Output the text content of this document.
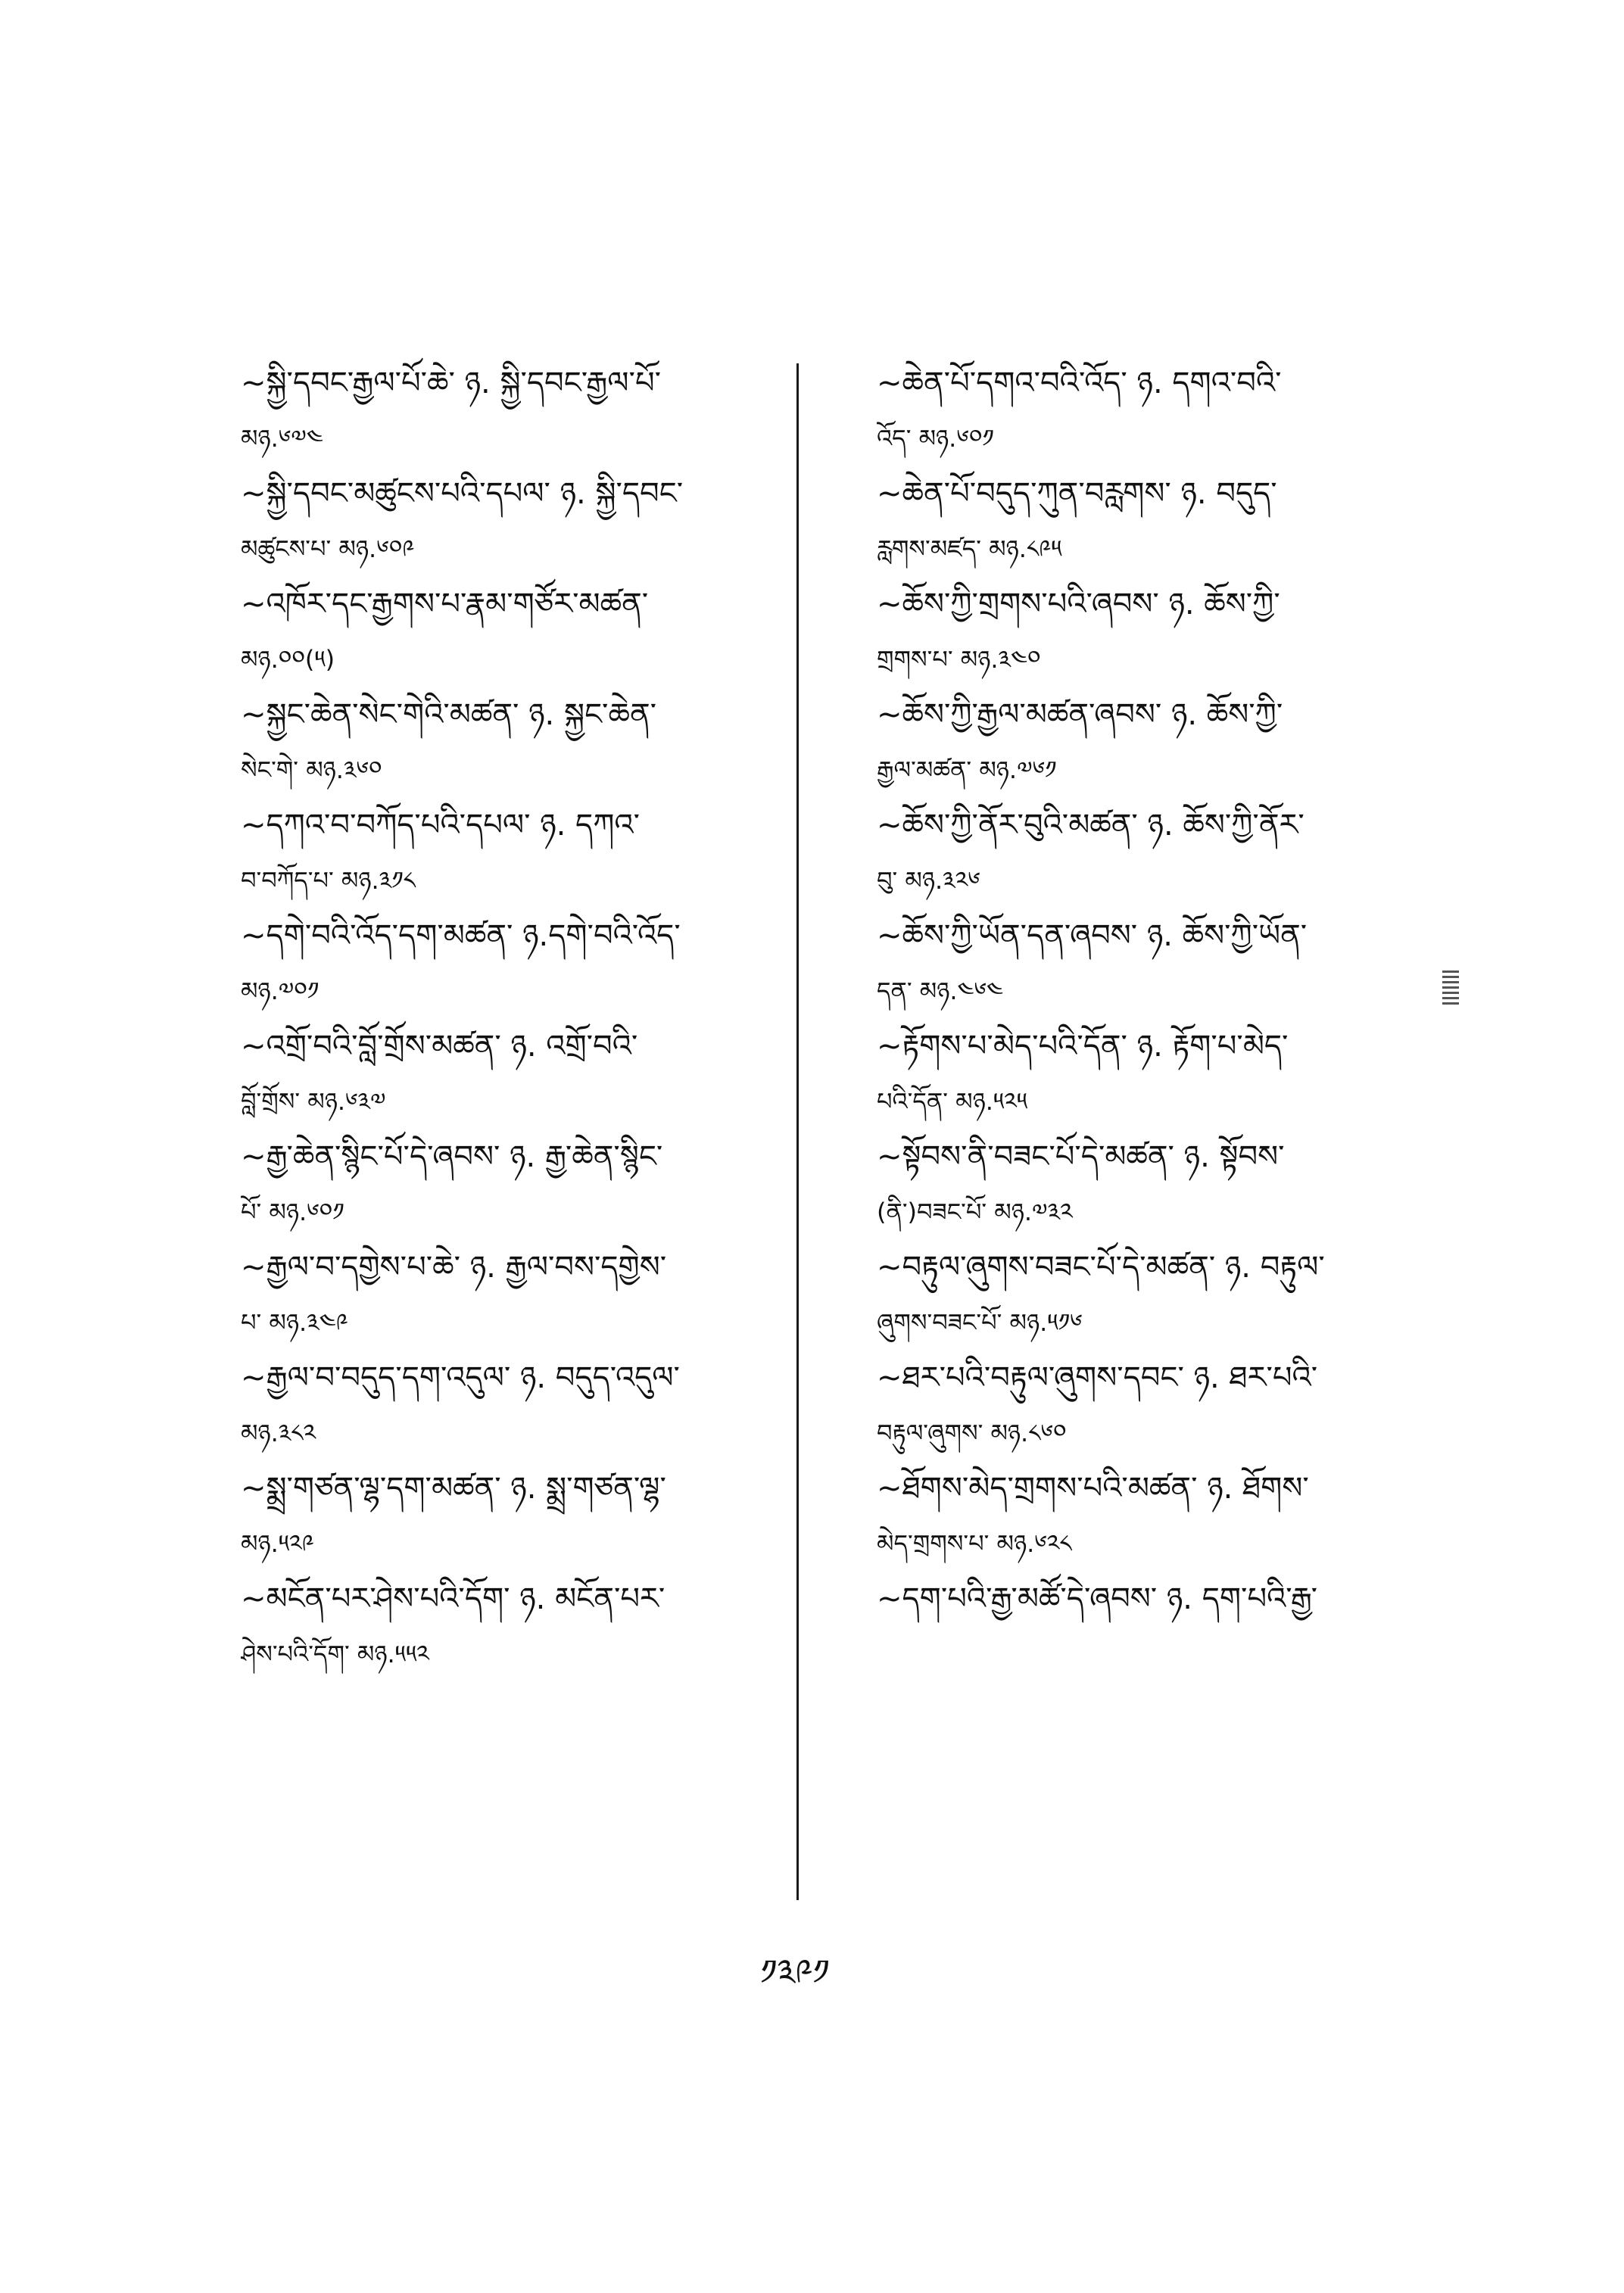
~སྐྱི་དབང་རྒྱལ་པོ་ཆེ་ ཉ. སྐྱི་དབང་རྒྱལ་པོ་
མཉ.༦༧༤
~སྐྱི་དབང་མཚུངས་པའི་དཔལ་ ཉ. སྐྱི་དབང་
མཚུངས་པ་ མཉ.༦༠༩
~འཁོར་དང་རྒྱགས་པ་རྣམ་གཙོར་མཚན་
མཉ.༠༠(༥)
~སྐྱང་ཆེན་སེང་གེའི་མཚན་ ཉ. སྐྱང་ཆེན་
སེང་གེ་ མཉ.༣༦༠
~དཀའ་བ་བཀོད་པའི་དཔལ་ ཉ. དཀའ་
བ་བཀོད་པ་ མཉ.༣༡༨
~དགེ་བའི་འོད་དག་མཚན་ ཉ.དགེ་བའི་འོད་
མཉ.༧༠༡
~འགྲོ་བའི་བློ་གྲོས་མཚན་ ཉ. འགྲོ་བའི་
བློ་གྲོས་ མཉ.༦༣༧
~རྒྱ་ཆེན་སྙིང་པོ་དེ་ཞབས་ ཉ. རྒྱ་ཆེན་སྙིང་
པོ་ མཉ.༦༠༡
~རྒྱལ་བ་དགྱེས་པ་ཆེ་ ཉ. རྒྱལ་བས་དགྱེས་
པ་ མཉ.༣༤༩
~རྒྱལ་བ་བདུད་དག་འདུལ་ ཉ. བདུད་འདུལ་
མཉ.༣༨༢
~སྨྲ་གཙན་ལྷ་དག་མཚན་ ཉ. སྨྲ་གཙན་ལྷ་
མཉ.༥༢༩
~མངོན་པར་ཤེས་པའི་དོག་ ཉ. མངོན་པར་
ཤེས་པའི་དོག་ མཉ.༥༥༢
~ཆེན་པོ་དགའ་བའི་འོད་ ཉ. དགའ་བའི་
འོད་ མཉ.༦༠༡
~ཆེན་པོ་བདུད་ཀུན་བརླགས་ ཉ. བདུད་
རླགས་མཛད་ མཉ.༨༩༥
~ཆོས་ཀྱི་གྲགས་པའི་ཞབས་ ཉ. ཆོས་ཀྱི་
གྲགས་པ་ མཉ.༣༤༠
~ཆོས་ཀྱི་རྒྱལ་མཚན་ཞབས་ ཉ. ཆོས་ཀྱི་
རྒྱལ་མཚན་ མཉ.༧༦༡
~ཆོས་ཀྱི་ནོར་བུའི་མཚན་ ཉ. ཆོས་ཀྱི་ནོར་
བུ་ མཉ.༣༢༦
~ཆོས་ཀྱི་ཡོན་དན་ཞབས་ ཉ. ཆོས་ཀྱི་ཡོན་
དན་ མཉ.༤༦༤
~རྟོགས་པ་མེད་པའི་དོན་ ཉ. རྟོག་པ་མེད་
པའི་དོན་ མཉ.༥༢༥
~སྟོབས་ནི་བཟང་པོ་དེ་མཚན་ ཉ. སྟོབས་
(ནི་)བཟང་པོ་ མཉ.༧༣༢
~བརྟུལ་ཞུགས་བཟང་པོ་དེ་མཚན་ ཉ. བརྟུལ་
ཞུགས་བཟང་པོ་ མཉ.༥༡༦
~ཐར་པའི་བརྟུལ་ཞུགས་དབང་ ཉ. ཐར་པའི་
བརྟུལ་ཞུགས་ མཉ.༨༦༠
~ཐོགས་མེད་གྲགས་པའི་མཚན་ ཉ. ཐོགས་
མེད་གྲགས་པ་ མཉ.༦༢༨
~དག་པའི་རྒྱ་མཚོ་དེ་ཞབས་ ཉ. དག་པའི་རྒྱ་
༡༣༩༡
